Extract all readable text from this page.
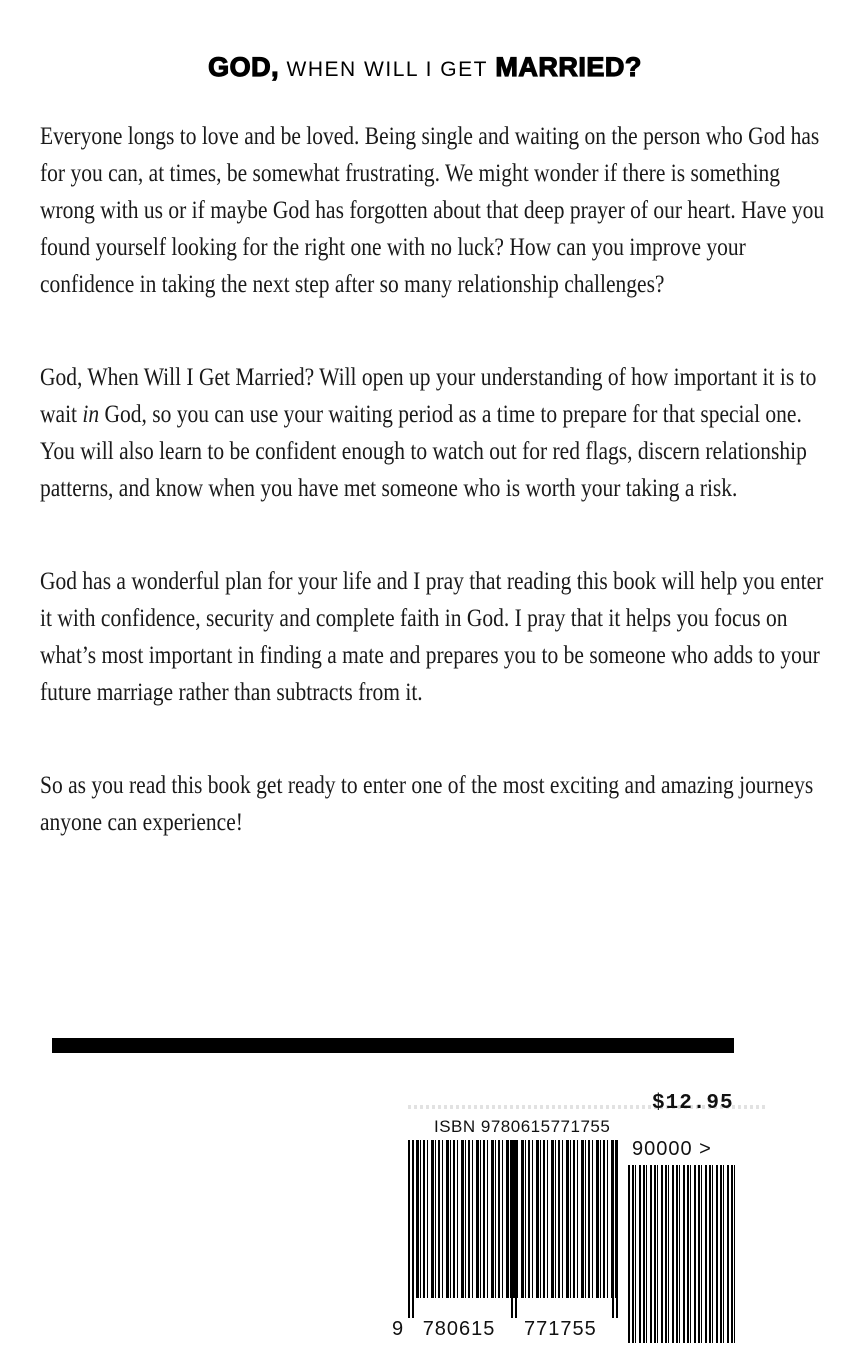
GOD, WHEN WILL I GET MARRIED?

Everyone longs to love and be loved. Being single and waiting on the person who God has for you can, at times, be somewhat frustrating. We might wonder if there is something wrong with us or if maybe God has forgotten about that deep prayer of our heart. Have you found yourself looking for the right one with no luck? How can you improve your confidence in taking the next step after so many relationship challenges?

God, When Will I Get Married? Will open up your understanding of how important it is to wait in God, so you can use your waiting period as a time to prepare for that special one. You will also learn to be confident enough to watch out for red flags, discern relationship patterns, and know when you have met someone who is worth your taking a risk.

God has a wonderful plan for your life and I pray that reading this book will help you enter it with confidence, security and complete faith in God. I pray that it helps you focus on what’s most important in finding a mate and prepares you to be someone who adds to your future marriage rather than subtracts from it.

So as you read this book get ready to enter one of the most exciting and amazing journeys anyone can experience!

$12.95
ISBN 9780615771755
90000 >
9 780615 771755
